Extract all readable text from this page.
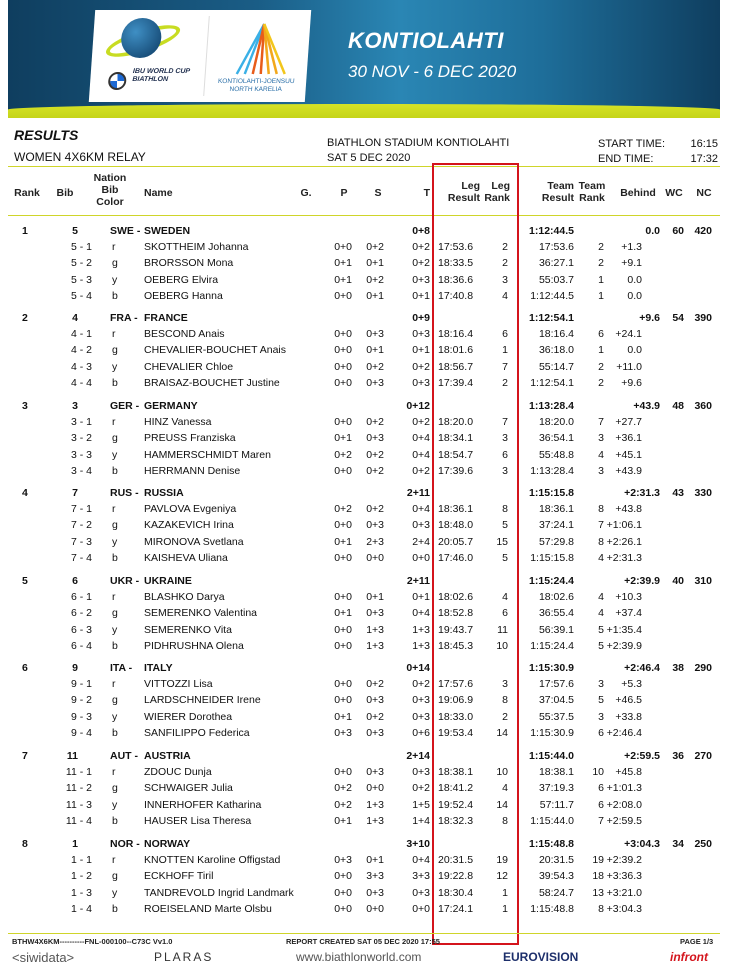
IBU WORLD CUP BIATHLON	KONTIOLAHTI-JOENSUU NORTH KARELIA
KONTIOLAHTI
30 NOV - 6 DEC 2020
RESULTS
WOMEN 4X6KM RELAY
BIATHLON STADIUM KONTIOLAHTI
SAT 5 DEC 2020
START TIME: 16:15
END TIME:	17:32
Rank	Bib
Nation
Bib
Color
Name	G.	P	S	T
Leg
Result
Leg
Rank
Team
Result
Team
Rank	Behind WC NC
1	5	SWE - SWEDEN	0+8	1:12:44.5	0.0	60 420
5 - 1 r	SKOTTHEIM Johanna	0+0	0+2	0+2 17:53.6	2	17:53.6	2	+1.3
5 - 2 g	BRORSSON Mona	0+1	0+1	0+2 18:33.5	2	36:27.1	2	+9.1
5 - 3 y	OEBERG Elvira	0+1	0+2	0+3 18:36.6	3	55:03.7	1	0.0
5 - 4 b	OEBERG Hanna	0+0	0+1	0+1 17:40.8	4	1:12:44.5	1	0.0
2	4	FRA - FRANCE	0+9	1:12:54.1	+9.6	54 390
4 - 1 r	BESCOND Anais	0+0	0+3	0+3 18:16.4	6	18:16.4	6	+24.1
4 - 2 g	CHEVALIER-BOUCHET Anais	0+0	0+1	0+1 18:01.6	1	36:18.0	1	0.0
4 - 3 y	CHEVALIER Chloe	0+0	0+2	0+2 18:56.7	7	55:14.7	2	+11.0
4 - 4 b	BRAISAZ-BOUCHET Justine	0+0	0+3	0+3 17:39.4	2	1:12:54.1	2	+9.6
3	3	GER - GERMANY	0+12	1:13:28.4	+43.9	48 360
3 - 1 r	HINZ Vanessa	0+0	0+2	0+2 18:20.0	7	18:20.0	7	+27.7
3 - 2 g	PREUSS Franziska	0+1	0+3	0+4 18:34.1	3	36:54.1	3	+36.1
3 - 3 y	HAMMERSCHMIDT Maren	0+2	0+2	0+4 18:54.7	6	55:48.8	4	+45.1
3 - 4 b	HERRMANN Denise	0+0	0+2	0+2 17:39.6	3	1:13:28.4	3	+43.9
4	7	RUS - RUSSIA	2+11	1:15:15.8	+2:31.3	43 330
7 - 1 r	PAVLOVA Evgeniya	0+2	0+2	0+4 18:36.1	8	18:36.1	8	+43.8
7 - 2 g	KAZAKEVICH Irina	0+0	0+3	0+3 18:48.0	5	37:24.1	7 +1:06.1
7 - 3 y	MIRONOVA Svetlana	0+1	2+3	2+4 20:05.7	15	57:29.8	8 +2:26.1
7 - 4 b	KAISHEVA Uliana	0+0	0+0	0+0 17:46.0	5	1:15:15.8	4 +2:31.3
5	6	UKR - UKRAINE	2+11	1:15:24.4	+2:39.9	40 310
6 - 1 r	BLASHKO Darya	0+0	0+1	0+1 18:02.6	4	18:02.6	4	+10.3
6 - 2 g	SEMERENKO Valentina	0+1	0+3	0+4 18:52.8	6	36:55.4	4	+37.4
6 - 3 y	SEMERENKO Vita	0+0	1+3	1+3 19:43.7	11	56:39.1	5 +1:35.4
6 - 4 b	PIDHRUSHNA Olena	0+0	1+3	1+3 18:45.3	10	1:15:24.4	5 +2:39.9
6	9	ITA -	ITALY	0+14	1:15:30.9	+2:46.4	38 290
9 - 1 r	VITTOZZI Lisa	0+0	0+2	0+2 17:57.6	3	17:57.6	3	+5.3
9 - 2 g	LARDSCHNEIDER Irene	0+0	0+3	0+3 19:06.9	8	37:04.5	5	+46.5
9 - 3 y	WIERER Dorothea	0+1	0+2	0+3 18:33.0	2	55:37.5	3	+33.8
9 - 4 b	SANFILIPPO Federica	0+3	0+3	0+6 19:53.4	14	1:15:30.9	6 +2:46.4
7	11	AUT - AUSTRIA	2+14	1:15:44.0	+2:59.5	36 270
11 - 1 r	ZDOUC Dunja	0+0	0+3	0+3 18:38.1	10	18:38.1	10	+45.8
11 - 2 g	SCHWAIGER Julia	0+2	0+0	0+2 18:41.2	4	37:19.3	6 +1:01.3
11 - 3 y	INNERHOFER Katharina	0+2	1+3	1+5 19:52.4	14	57:11.7	6 +2:08.0
11 - 4 b	HAUSER Lisa Theresa	0+1	1+3	1+4 18:32.3	8	1:15:44.0	7 +2:59.5
8	1	NOR - NORWAY	3+10	1:15:48.8	+3:04.3	34 250
1 - 1 r	KNOTTEN Karoline Offigstad	0+3	0+1	0+4 20:31.5	19	20:31.5	19 +2:39.2
1 - 2 g	ECKHOFF Tiril	0+0	3+3	3+3 19:22.8	12	39:54.3	18 +3:36.3
1 - 3 y	TANDREVOLD Ingrid Landmark	0+0	0+3	0+3 18:30.4	1	58:24.7	13 +3:21.0
1 - 4 b	ROEISELAND Marte Olsbu	0+0	0+0	0+0 17:24.1	1	1:15:48.8	8 +3:04.3
BTHW4X6KM----------FNL-000100--C73C Vv1.0	REPORT CREATED SAT 05 DEC 2020 17:55	PAGE 1/3
<siwidata>	PLARAS	www.biathlonworld.com	EUROVISION	infront
